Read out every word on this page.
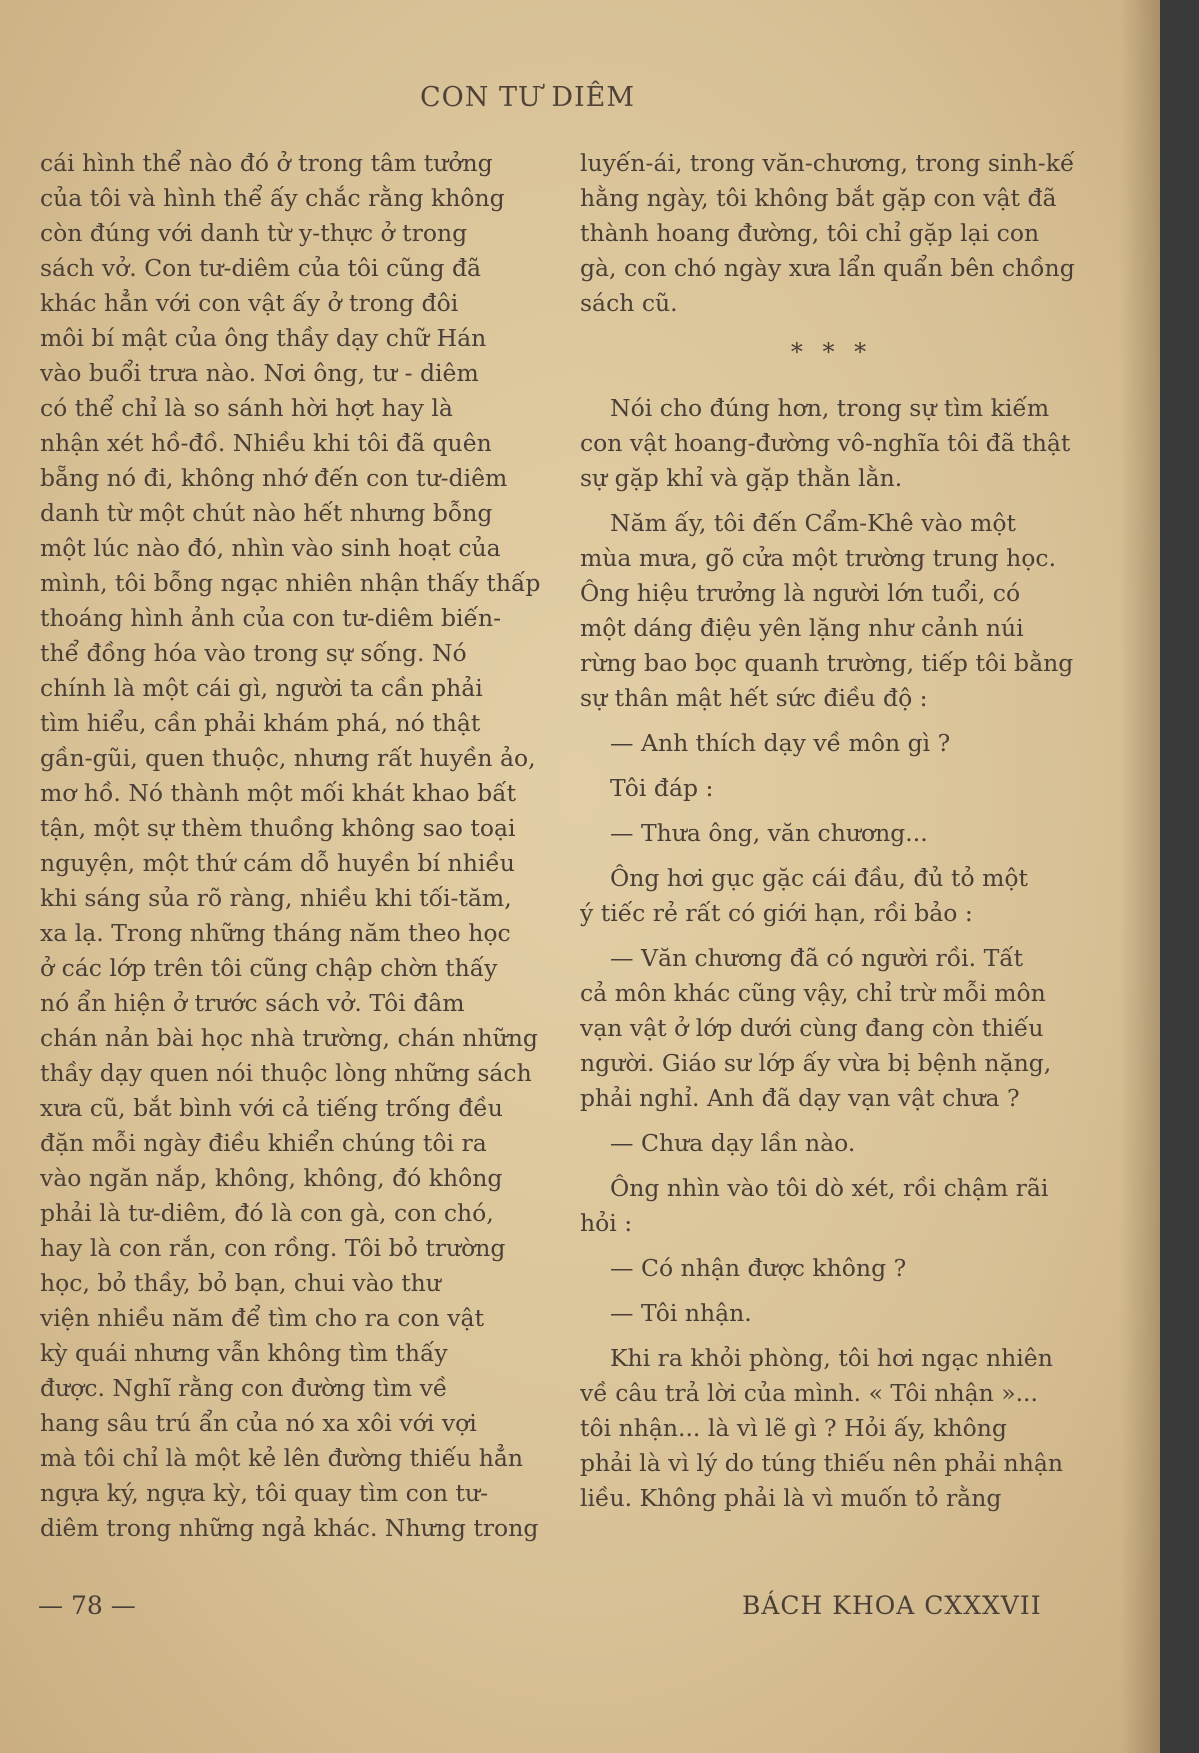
CON TƯ DIÊM
cái hình thể nào đó ở trong tâm tưởng
của tôi và hình thể ấy chắc rằng không
còn đúng với danh từ y-thực ở trong
sách vở. Con tư-diêm của tôi cũng đã
khác hẳn với con vật ấy ở trong đôi
môi bí mật của ông thầy dạy chữ Hán
vào buổi trưa nào. Nơi ông, tư - diêm
có thể chỉ là so sánh hời hợt hay là
nhận xét hồ-đồ. Nhiều khi tôi đã quên
bẵng nó đi, không nhớ đến con tư-diêm
danh từ một chút nào hết nhưng bỗng
một lúc nào đó, nhìn vào sinh hoạt của
mình, tôi bỗng ngạc nhiên nhận thấy thấp
thoáng hình ảnh của con tư-diêm biến-
thể đồng hóa vào trong sự sống. Nó
chính là một cái gì, người ta cần phải
tìm hiểu, cần phải khám phá, nó thật
gần-gũi, quen thuộc, nhưng rất huyền ảo,
mơ hồ. Nó thành một mối khát khao bất
tận, một sự thèm thuồng không sao toại
nguyện, một thứ cám dỗ huyền bí nhiều
khi sáng sủa rõ ràng, nhiều khi tối-tăm,
xa lạ. Trong những tháng năm theo học
ở các lớp trên tôi cũng chập chờn thấy
nó ẩn hiện ở trước sách vở. Tôi đâm
chán nản bài học nhà trường, chán những
thầy dạy quen nói thuộc lòng những sách
xưa cũ, bắt bình với cả tiếng trống đều
đặn mỗi ngày điều khiển chúng tôi ra
vào ngăn nắp, không, không, đó không
phải là tư-diêm, đó là con gà, con chó,
hay là con rắn, con rồng. Tôi bỏ trường
học, bỏ thầy, bỏ bạn, chui vào thư
viện nhiều năm để tìm cho ra con vật
kỳ quái nhưng vẫn không tìm thấy
được. Nghĩ rằng con đường tìm về
hang sâu trú ẩn của nó xa xôi với vợi
mà tôi chỉ là một kẻ lên đường thiếu hẳn
ngựa ký, ngựa kỳ, tôi quay tìm con tư-
diêm trong những ngả khác. Nhưng trong
luyến-ái, trong văn-chương, trong sinh-kế
hằng ngày, tôi không bắt gặp con vật đã
thành hoang đường, tôi chỉ gặp lại con
gà, con chó ngày xưa lẩn quẩn bên chồng
sách cũ.
* * *
Nói cho đúng hơn, trong sự tìm kiếm
con vật hoang-đường vô-nghĩa tôi đã thật
sự gặp khỉ và gặp thằn lằn.
Năm ấy, tôi đến Cẩm-Khê vào một
mùa mưa, gõ cửa một trường trung học.
Ông hiệu trưởng là người lớn tuổi, có
một dáng điệu yên lặng như cảnh núi
rừng bao bọc quanh trường, tiếp tôi bằng
sự thân mật hết sức điều độ :
— Anh thích dạy về môn gì ?
Tôi đáp :
— Thưa ông, văn chương...
Ông hơi gục gặc cái đầu, đủ tỏ một
ý tiếc rẻ rất có giới hạn, rồi bảo :
— Văn chương đã có người rồi. Tất
cả môn khác cũng vậy, chỉ trừ mỗi môn
vạn vật ở lớp dưới cùng đang còn thiếu
người. Giáo sư lớp ấy vừa bị bệnh nặng,
phải nghỉ. Anh đã dạy vạn vật chưa ?
— Chưa dạy lần nào.
Ông nhìn vào tôi dò xét, rồi chậm rãi
hỏi :
— Có nhận được không ?
— Tôi nhận.
Khi ra khỏi phòng, tôi hơi ngạc nhiên
về câu trả lời của mình. « Tôi nhận »...
tôi nhận... là vì lẽ gì ? Hỏi ấy, không
phải là vì lý do túng thiếu nên phải nhận
liều. Không phải là vì muốn tỏ rằng
— 78 —	BÁCH KHOA CXXXVII
